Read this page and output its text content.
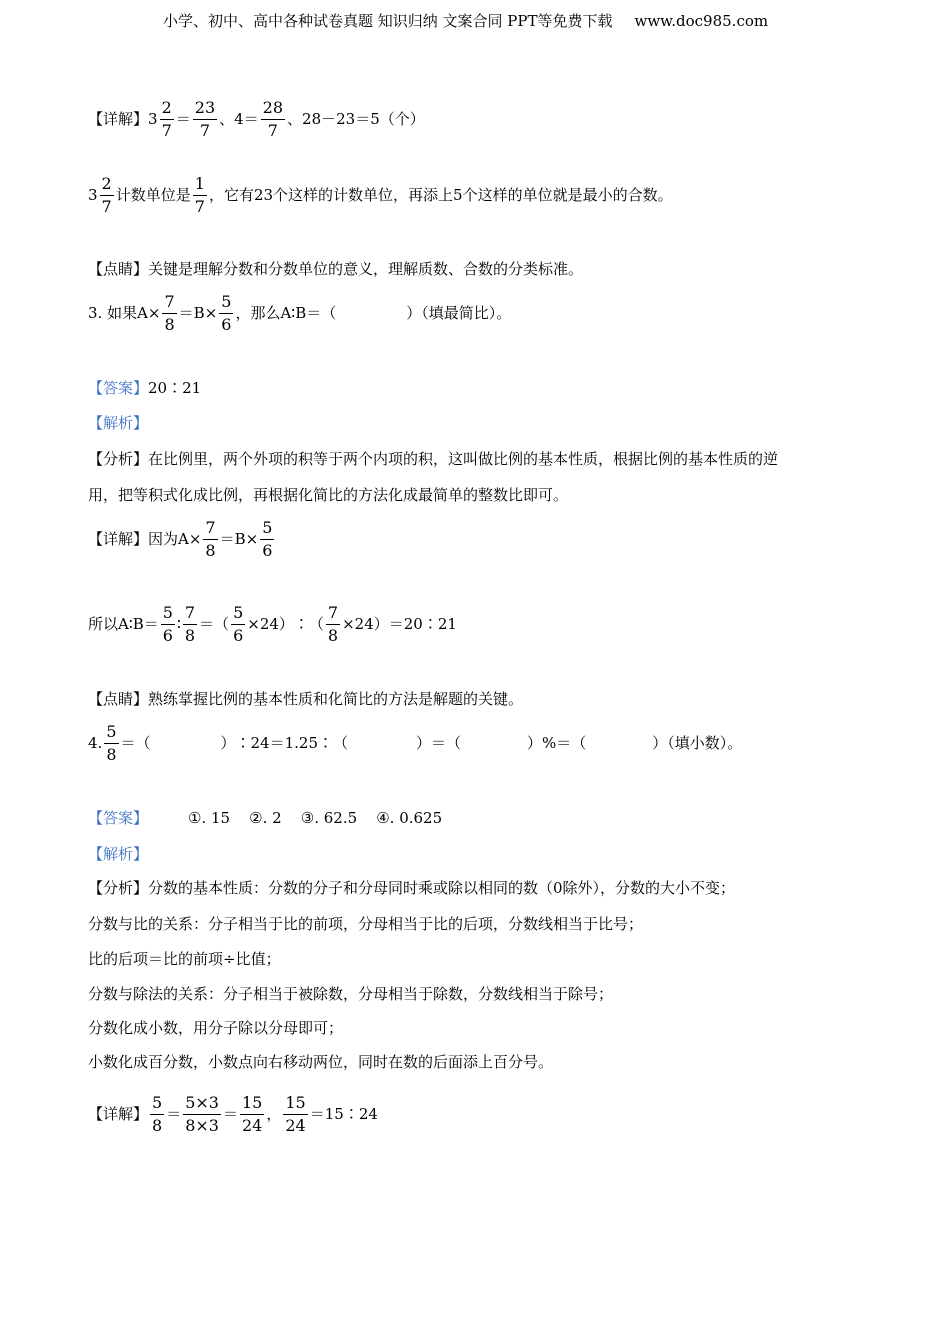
小学、初中、高中各种试卷真题 知识归纳 文案合同 PPT等免费下载 www.doc985.com
【详解】 $3 \frac{2}{7} = \frac{23}{7}$ 、$4= \frac{28}{7}$ 、28－23＝5（个）
$3 \frac{2}{7}$ 计数单位是 $\frac{1}{7}$ ，它有23个这样的计数单位，再添上5个这样的单位就是最小的合数。
【点睛】关键是理解分数和分数单位的意义，理解质数、合数的分类标准。
3. 如果$A\times \frac{7}{8} =B\times \frac{5}{6}$ ，那么A∶B＝（	）（填最简比）。
【答案】20∶21
【解析】
【分析】在比例里，两个外项的积等于两个内项的积，这叫做比例的基本性质，根据比例的基本性质的逆
用，把等积式化成比例，再根据化简比的方法化成最简单的整数比即可。
【详解】因为$A\times \frac{7}{8} =B\times \frac{5}{6}$
所以A∶B＝ $\frac{5}{6}$ ∶ $\frac{7}{8}$ ＝（ $\frac{5}{6}$ ×24）∶（ $\frac{7}{8}$ ×24）＝20∶21
【点睛】熟练掌握比例的基本性质和化简比的方法是解题的关键。
4. $\frac{5}{8}$ ＝（	）∶24＝1.25∶（	）＝（	）%＝（	）（填小数）。
【答案】	①. 15    ②. 2    ③. 62.5    ④. 0.625
【解析】
【分析】分数的基本性质：分数的分子和分母同时乘或除以相同的数（0除外），分数的大小不变；
分数与比的关系：分子相当于比的前项，分母相当于比的后项，分数线相当于比号；
比的后项＝比的前项÷比值；
分数与除法的关系：分子相当于被除数，分母相当于除数，分数线相当于除号；
分数化成小数，用分子除以分母即可；
小数化成百分数，小数点向右移动两位，同时在数的后面添上百分号。
【详解】 $\frac{5}{8} = \frac{5\times 3}{8\times 3} = \frac{15}{24}$ ， $\frac{15}{24}$ ＝15∶24
